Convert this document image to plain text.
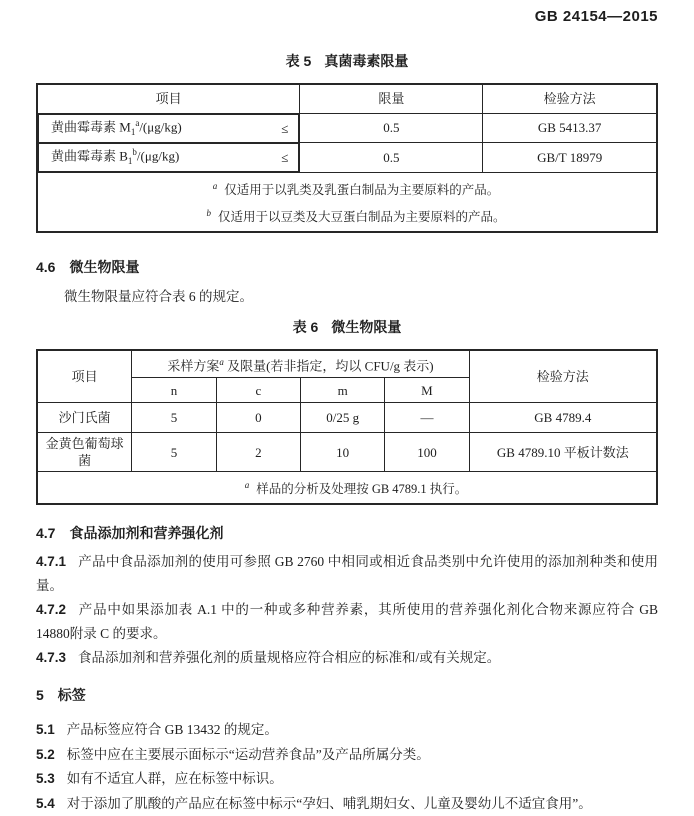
GB 24154—2015
表 5 真菌毒素限量
项目	限量	检验方法

黄曲霉毒素 $M_1^a/(\mu g/kg)$	≤	0.5	GB 5413.37

黄曲霉毒素 $B_1^b/(\mu g/kg)$	≤	0.5	GB/T 18979

$^a$ 仅适用于以乳类及乳蛋白制品为主要原料的产品。
$^b$ 仅适用于以豆类及大豆蛋白制品为主要原料的产品。		
4.6 微生物限量
微生物限量应符合表 6 的规定。
表 6 微生物限量
项目	采样方案$^a$ 及限量(若非指定，均以 CFU/g 表示)				检验方法
	n	c	m	M	
沙门氏菌	5	0	0/25 g	—	GB 4789.4
金黄色葡萄球菌	5	2	10	100	GB 4789.10 平板计数法

$^a$ 样品的分析及处理按 GB 4789.1 执行。					
4.7 食品添加剂和营养强化剂

4.7.1 产品中食品添加剂的使用可参照 GB 2760 中相同或相近食品类别中允许使用的添加剂种类和使用量。

4.7.2 产品中如果添加表 A.1 中的一种或多种营养素，其所使用的营养强化剂化合物来源应符合 GB 14880附录 C 的要求。

4.7.3 食品添加剂和营养强化剂的质量规格应符合相应的标准和/或有关规定。

5 标签
5.1 产品标签应符合 GB 13432 的规定。
5.2 标签中应在主要展示面标示“运动营养食品”及产品所属分类。
5.3 如有不适宜人群，应在标签中标识。
5.4 对于添加了肌酸的产品应在标签中标示“孕妇、哺乳期妇女、儿童及婴幼儿不适宜食用”。
